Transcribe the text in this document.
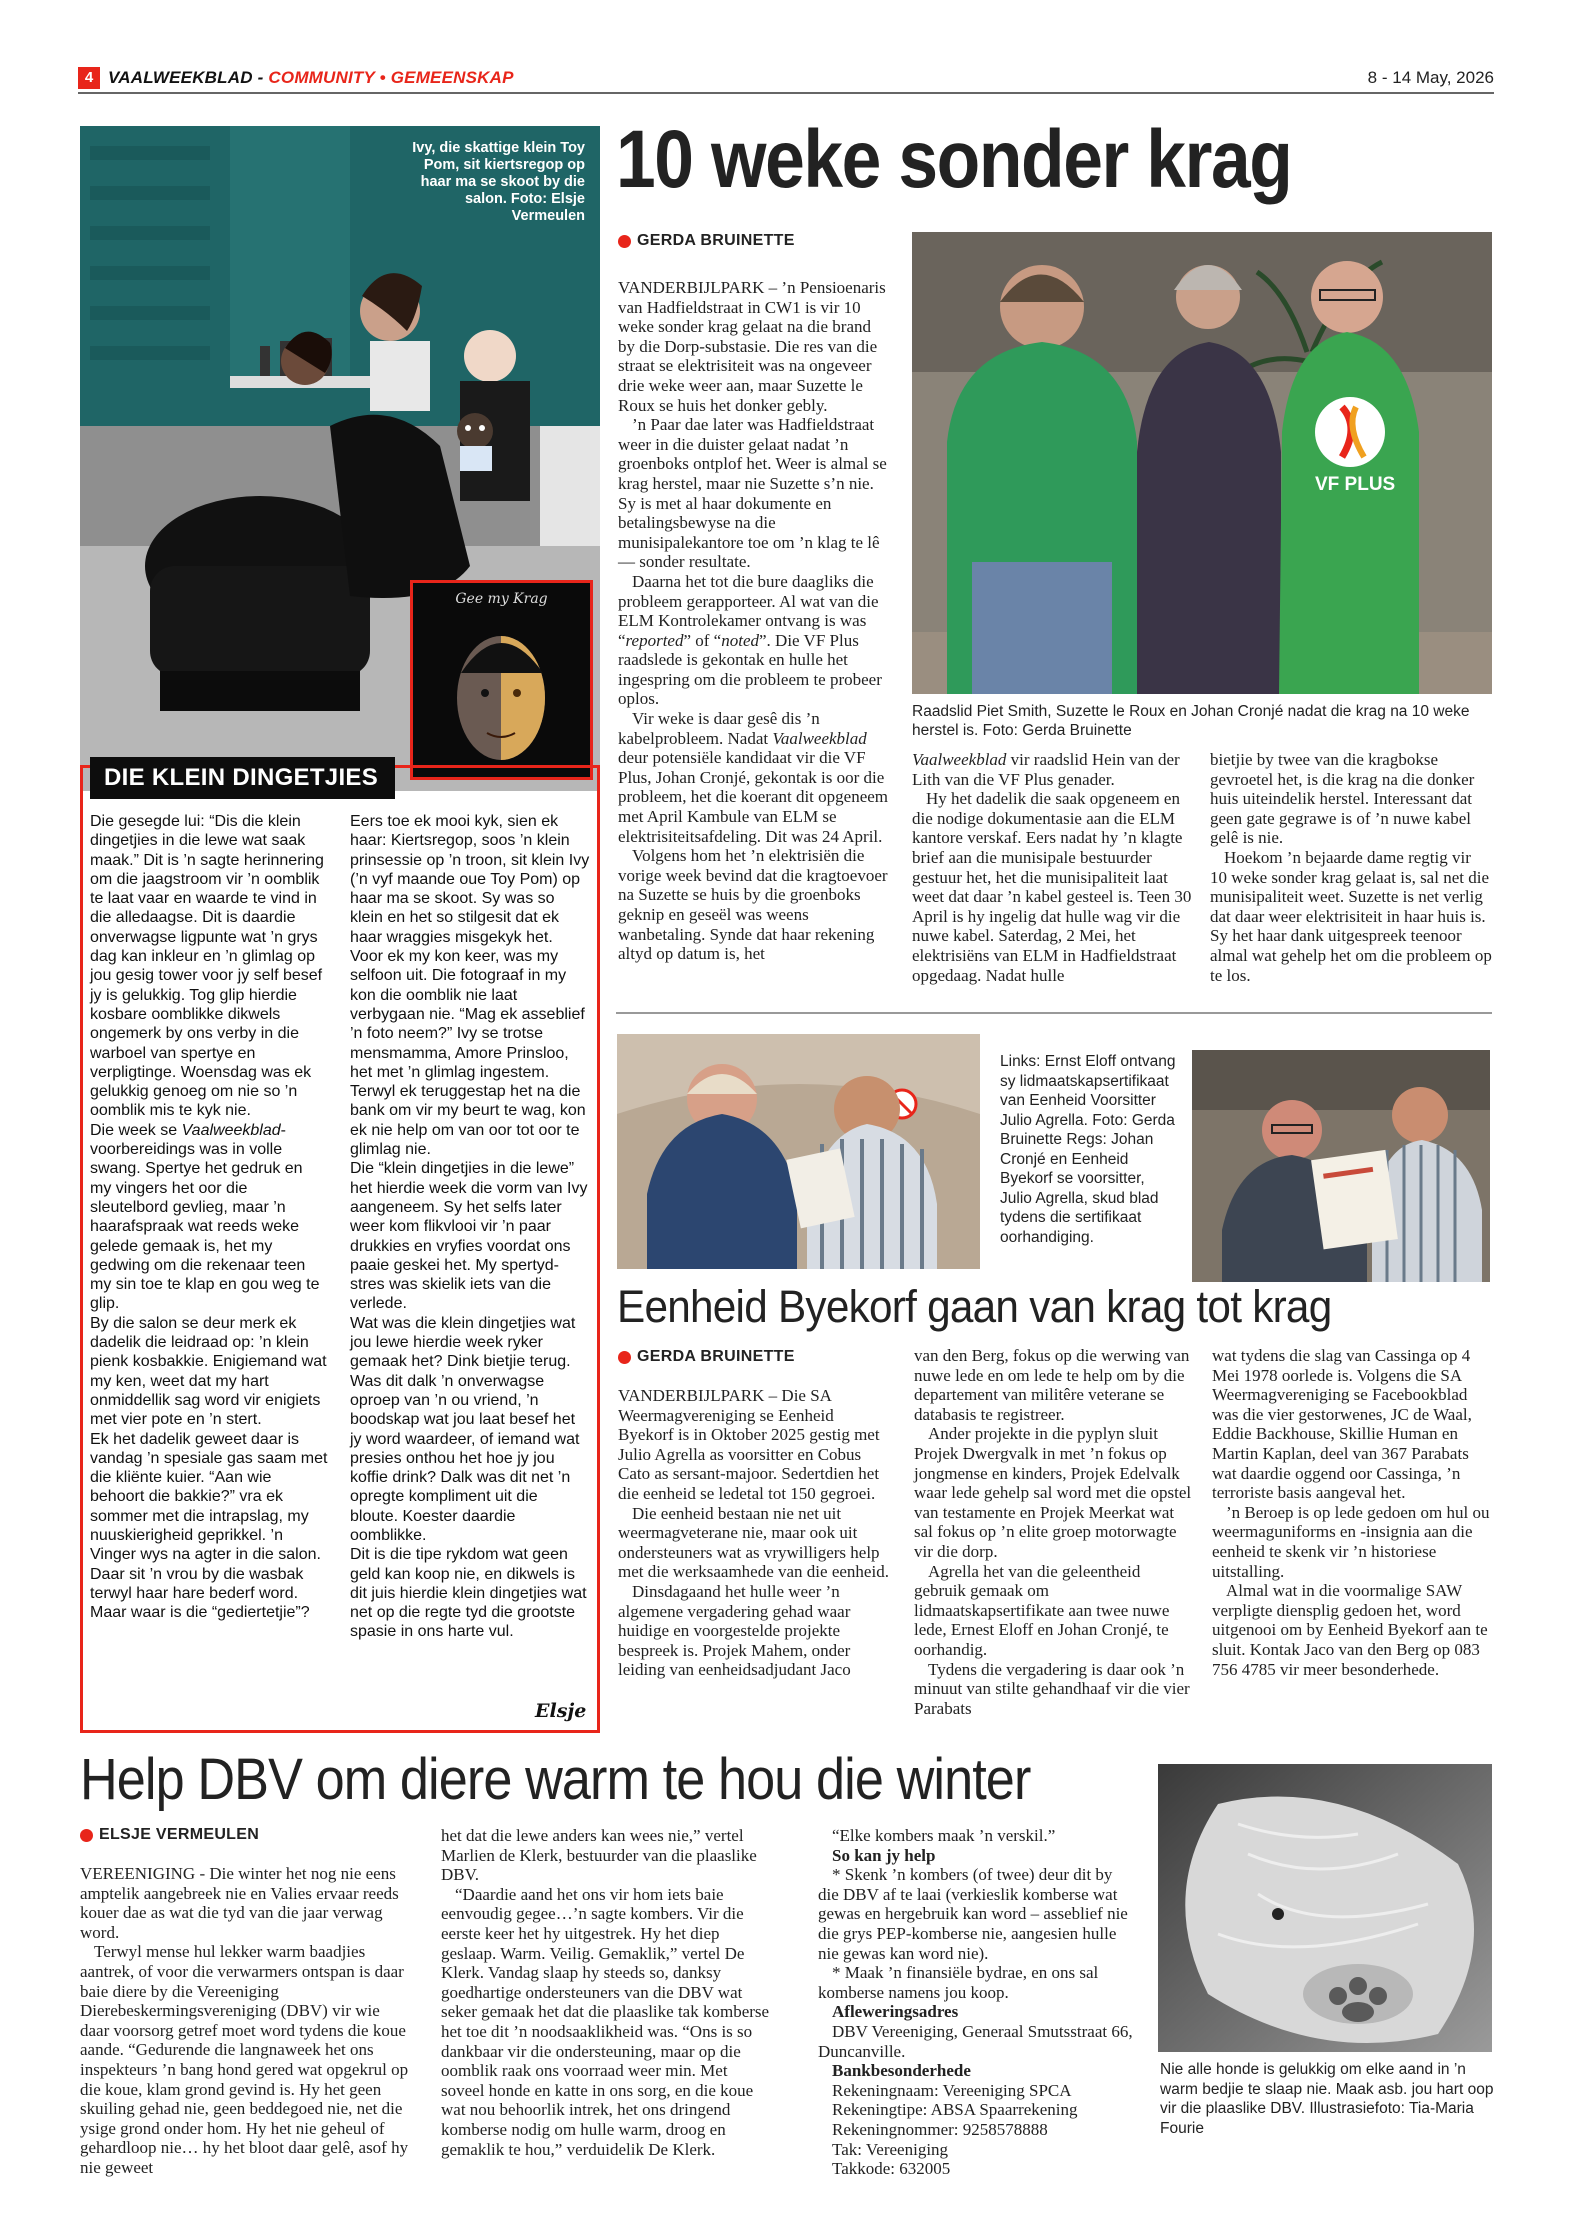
4 VAALWEEKBLAD - COMMUNITY • GEMEENSKAP	8 - 14 May, 2026
Ivy, die skattige klein Toy Pom, sit kiertsregop op haar ma se skoot by die salon. Foto: Elsje Vermeulen
Gee my Krag
DIE KLEIN DINGETJIES
Die gesegde lui: “Dis die klein dingetjies in die lewe wat saak maak.” Dit is ’n sagte herinnering om die jaagstroom vir ’n oomblik te laat vaar en waarde te vind in die alledaagse. Dit is daardie onverwagse ligpunte wat ’n grys dag kan inkleur en ’n glimlag op jou gesig tower voor jy self besef jy is gelukkig. Tog glip hierdie kosbare oomblikke dikwels ongemerk by ons verby in die warboel van spertye en verpligtinge. Woensdag was ek gelukkig genoeg om nie so ’n oomblik mis te kyk nie.
Die week se Vaalweekblad-voorbereidings was in volle swang. Spertye het gedruk en my vingers het oor die sleutelbord gevlieg, maar ’n haarafspraak wat reeds weke gelede gemaak is, het my gedwing om die rekenaar teen my sin toe te klap en gou weg te glip.
By die salon se deur merk ek dadelik die leidraad op: ’n klein pienk kosbakkie. Enigiemand wat my ken, weet dat my hart onmiddellik sag word vir enigiets met vier pote en ’n stert.
Ek het dadelik geweet daar is vandag ’n spesiale gas saam met die kliënte kuier. “Aan wie behoort die bakkie?” vra ek sommer met die intrapslag, my nuuskierigheid geprikkel. ’n Vinger wys na agter in die salon.
Daar sit ’n vrou by die wasbak terwyl haar hare bederf word. Maar waar is die “gediertetjie”?
Eers toe ek mooi kyk, sien ek haar: Kiertsregop, soos ’n klein prinsessie op ’n troon, sit klein Ivy (’n vyf maande oue Toy Pom) op haar ma se skoot. Sy was so klein en het so stilgesit dat ek haar wraggies misgekyk het.
Voor ek my kon keer, was my selfoon uit. Die fotograaf in my kon die oomblik nie laat verbygaan nie. “Mag ek asseblief ’n foto neem?” Ivy se trotse mensmamma, Amore Prinsloo, het met ’n glimlag ingestem. Terwyl ek teruggestap het na die bank om vir my beurt te wag, kon ek nie help om van oor tot oor te glimlag nie.
Die “klein dingetjies in die lewe” het hierdie week die vorm van Ivy aangeneem. Sy het selfs later weer kom flikvlooi vir ’n paar drukkies en vryfies voordat ons paaie geskei het. My spertyd-stres was skielik iets van die verlede.
Wat was die klein dingetjies wat jou lewe hierdie week ryker gemaak het? Dink bietjie terug. Was dit dalk ’n onverwagse oproep van ’n ou vriend, ’n boodskap wat jou laat besef het jy word waardeer, of iemand wat presies onthou het hoe jy jou koffie drink? Dalk was dit net ’n opregte kompliment uit die bloute. Koester daardie oomblikke.
Dit is die tipe rykdom wat geen geld kan koop nie, en dikwels is dit juis hierdie klein dingetjies wat net op die regte tyd die grootste spasie in ons harte vul.
Elsje
10 weke sonder krag
GERDA BRUINETTE

VANDERBIJLPARK – ’n Pensioenaris van Hadfieldstraat in CW1 is vir 10 weke sonder krag gelaat na die brand by die Dorp-substasie. Die res van die straat se elektrisiteit was na ongeveer drie weke weer aan, maar Suzette le Roux se huis het donker gebly.

’n Paar dae later was Hadfieldstraat weer in die duister gelaat nadat ’n groenboks ontplof het. Weer is almal se krag herstel, maar nie Suzette s’n nie. Sy is met al haar dokumente en betalingsbewyse na die munisipalekantore toe om ’n klag te lê — sonder resultate.

Daarna het tot die bure daagliks die probleem gerapporteer. Al wat van die ELM Kontrolekamer ontvang is was “reported” of “noted”. Die VF Plus raadslede is gekontak en hulle het ingespring om die probleem te probeer oplos.

Vir weke is daar gesê dis ’n kabelprobleem. Nadat Vaalweekblad deur potensiële kandidaat vir die VF Plus, Johan Cronjé, gekontak is oor die probleem, het die koerant dit opgeneem met April Kambule van ELM se elektrisiteitsafdeling. Dit was 24 April.

Volgens hom het ’n elektrisiën die vorige week bevind dat die kragtoevoer na Suzette se huis by die groenboks geknip en geseël was weens wanbetaling. Synde dat haar rekening altyd op datum is, het

VF PLUS
Raadslid Piet Smith, Suzette le Roux en Johan Cronjé nadat die krag na 10 weke herstel is. Foto: Gerda Bruinette

Vaalweekblad vir raadslid Hein van der Lith van die VF Plus genader.

Hy het dadelik die saak opgeneem en die nodige dokumentasie aan die ELM kantore verskaf. Eers nadat hy ’n klagte brief aan die munisipale bestuurder gestuur het, het die munisipaliteit laat weet dat daar ’n kabel gesteel is. Teen 30 April is hy ingelig dat hulle wag vir die nuwe kabel. Saterdag, 2 Mei, het elektrisiëns van ELM in Hadfieldstraat opgedaag. Nadat hulle

bietjie by twee van die kragbokse gevroetel het, is die krag na die donker huis uiteindelik herstel. Interessant dat geen gate gegrawe is of ’n nuwe kabel gelê is nie.

Hoekom ’n bejaarde dame regtig vir 10 weke sonder krag gelaat is, sal net die munisipaliteit weet. Suzette is net verlig dat daar weer elektrisiteit in haar huis is. Sy het haar dank uitgespreek teenoor almal wat gehelp het om die probleem op te los.

Links: Ernst Eloff ontvang sy lidmaatskapsertifikaat van Eenheid Voorsitter Julio Agrella. Foto: Gerda Bruinette Regs: Johan Cronjé en Eenheid Byekorf se voorsitter, Julio Agrella, skud blad tydens die sertifikaat oorhandiging.
Eenheid Byekorf gaan van krag tot krag
GERDA BRUINETTE

VANDERBIJLPARK – Die SA Weermagvereniging se Eenheid Byekorf is in Oktober 2025 gestig met Julio Agrella as voorsitter en Cobus Cato as sersant-majoor. Sedertdien het die eenheid se ledetal tot 150 gegroei.

Die eenheid bestaan nie net uit weermagveterane nie, maar ook uit ondersteuners wat as vrywilligers help met die werksaamhede van die eenheid.

Dinsdagaand het hulle weer ’n algemene vergadering gehad waar huidige en voorgestelde projekte bespreek is. Projek Mahem, onder leiding van eenheidsadjudant Jaco

van den Berg, fokus op die werwing van nuwe lede en om lede te help om by die departement van militêre veterane se databasis te registreer.

Ander projekte in die pyplyn sluit Projek Dwergvalk in met ’n fokus op jongmense en kinders, Projek Edelvalk waar lede gehelp sal word met die opstel van testamente en Projek Meerkat wat sal fokus op ’n elite groep motorwagte vir die dorp.

Agrella het van die geleentheid gebruik gemaak om lidmaatskapsertifikate aan twee nuwe lede, Ernest Eloff en Johan Cronjé, te oorhandig.

Tydens die vergadering is daar ook ’n minuut van stilte gehandhaaf vir die vier Parabats

wat tydens die slag van Cassinga op 4 Mei 1978 oorlede is. Volgens die SA Weermagvereniging se Facebookblad was die vier gestorwenes, JC de Waal, Eddie Backhouse, Skillie Human en Martin Kaplan, deel van 367 Parabats wat daardie oggend oor Cassinga, ’n terroriste basis aangeval het.

’n Beroep is op lede gedoen om hul ou weermaguniforms en -insignia aan die eenheid te skenk vir ’n historiese uitstalling.

Almal wat in die voormalige SAW verpligte diensplig gedoen het, word uitgenooi om by Eenheid Byekorf aan te sluit. Kontak Jaco van den Berg op 083 756 4785 vir meer besonderhede.

Help DBV om diere warm te hou die winter
ELSJE VERMEULEN

VEREENIGING - Die winter het nog nie eens amptelik aangebreek nie en Valies ervaar reeds kouer dae as wat die tyd van die jaar verwag word.

Terwyl mense hul lekker warm baadjies aantrek, of voor die verwarmers ontspan is daar baie diere by die Vereeniging Dierebeskermingsvereniging (DBV) vir wie daar voorsorg getref moet word tydens die koue aande. “Gedurende die langnaweek het ons inspekteurs ’n bang hond gered wat opgekrul op die koue, klam grond gevind is. Hy het geen skuiling gehad nie, geen beddegoed nie, net die ysige grond onder hom. Hy het nie geheul of gehardloop nie… hy het bloot daar gelê, asof hy nie geweet

het dat die lewe anders kan wees nie,” vertel Marlien de Klerk, bestuurder van die plaaslike DBV.

“Daardie aand het ons vir hom iets baie eenvoudig gegee…’n sagte kombers. Vir die eerste keer het hy uitgestrek. Hy het diep geslaap. Warm. Veilig. Gemaklik,” vertel De Klerk. Vandag slaap hy steeds so, danksy goedhartige ondersteuners van die DBV wat seker gemaak het dat die plaaslike tak komberse het toe dit ’n noodsaaklikheid was. “Ons is so dankbaar vir die ondersteuning, maar op die oomblik raak ons voorraad weer min. Met soveel honde en katte in ons sorg, en die koue wat nou behoorlik intrek, het ons dringend komberse nodig om hulle warm, droog en gemaklik te hou,” verduidelik De Klerk.

“Elke kombers maak ’n verskil.”

So kan jy help

* Skenk ’n kombers (of twee) deur dit by die DBV af te laai (verkieslik komberse wat gewas en hergebruik kan word – asseblief nie die grys PEP-komberse nie, aangesien hulle nie gewas kan word nie).

* Maak ’n finansiële bydrae, en ons sal komberse namens jou koop.

Afleweringsadres

DBV Vereeniging, Generaal Smutsstraat 66, Duncanville.

Bankbesonderhede

Rekeningnaam: Vereeniging SPCA

Rekeningtipe: ABSA Spaarrekening

Rekeningnommer: 9258578888

Tak: Vereeniging

Takkode: 632005

Nie alle honde is gelukkig om elke aand in ’n warm bedjie te slaap nie. Maak asb. jou hart oop vir die plaaslike DBV. Illustrasiefoto: Tia-Maria Fourie
